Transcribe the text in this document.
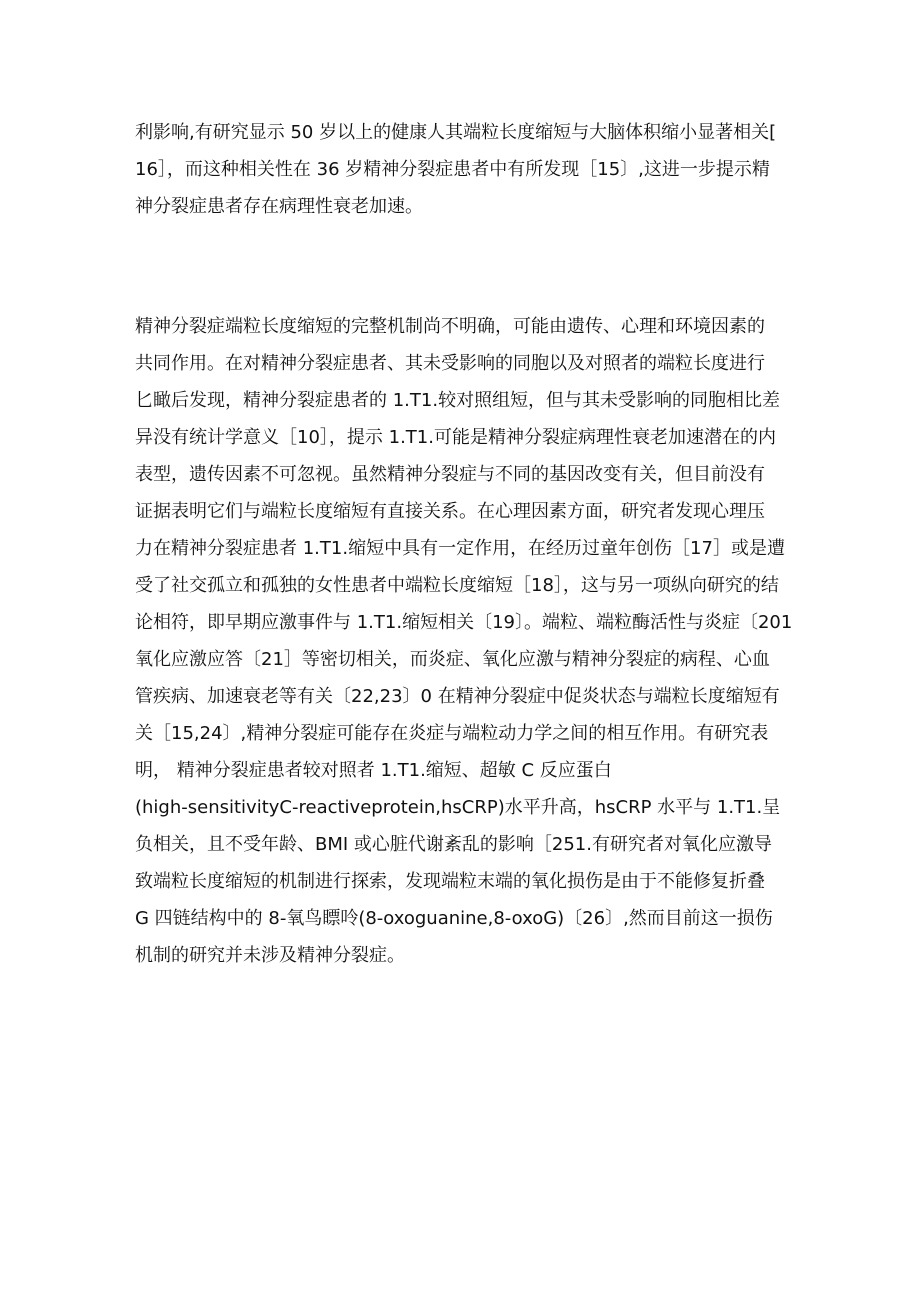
利影响,有研究显示 50 岁以上的健康人其端粒长度缩短与大脑体积缩小显著相关[
16］，而这种相关性在 36 岁精神分裂症患者中有所发现［15〕,这进一步提示精
神分裂症患者存在病理性衰老加速。
精神分裂症端粒长度缩短的完整机制尚不明确，可能由遗传、心理和环境因素的
共同作用。在对精神分裂症患者、其未受影响的同胞以及对照者的端粒长度进行
匕瞰后发现，精神分裂症患者的 1.T1.较对照组短，但与其未受影响的同胞相比差
异没有统计学意义［10］，提示 1.T1.可能是精神分裂症病理性衰老加速潜在的内
表型，遗传因素不可忽视。虽然精神分裂症与不同的基因改变有关，但目前没有
证据表明它们与端粒长度缩短有直接关系。在心理因素方面，研究者发现心理压
力在精神分裂症患者 1.T1.缩短中具有一定作用，在经历过童年创伤［17］或是遭
受了社交孤立和孤独的女性患者中端粒长度缩短［18］，这与另一项纵向研究的结
论相符，即早期应激事件与 1.T1.缩短相关〔19〕。端粒、端粒酶活性与炎症〔201
氧化应激应答〔21］等密切相关，而炎症、氧化应激与精神分裂症的病程、心血
管疾病、加速衰老等有关〔22,23〕0 在精神分裂症中促炎状态与端粒长度缩短有
关［15,24〕,精神分裂症可能存在炎症与端粒动力学之间的相互作用。有研究表
明， 精神分裂症患者较对照者 1.T1.缩短、超敏 C 反应蛋白
(high-sensitivityC-reactiveprotein,hsCRP)水平升高，hsCRP 水平与 1.T1.呈
负相关，且不受年龄、BMI 或心脏代谢紊乱的影响［251.有研究者对氧化应激导
致端粒长度缩短的机制进行探索，发现端粒末端的氧化损伤是由于不能修复折叠
G 四链结构中的 8-氧鸟瞟呤(8-oxoguanine,8-oxoG)〔26〕,然而目前这一损伤
机制的研究并未涉及精神分裂症。
